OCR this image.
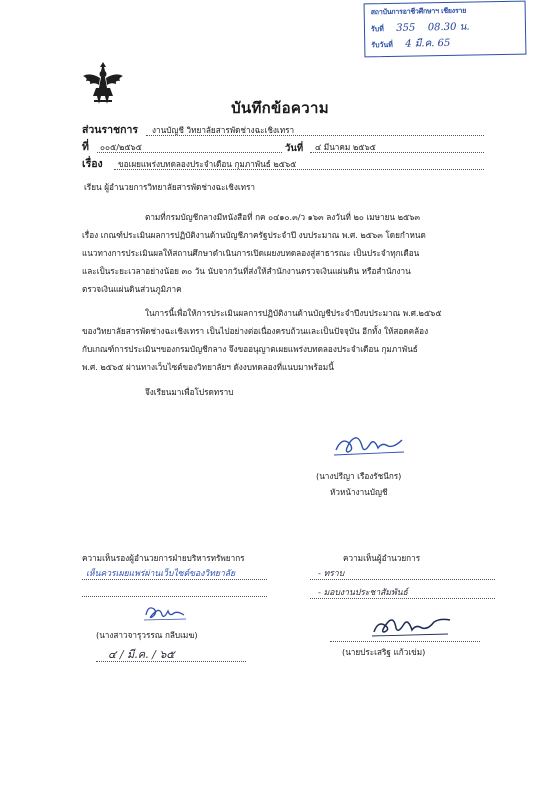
สถาบันการอาชีวศึกษาฯ เชียงราย
รับที่ 355 08.30 น.
รับวันที่ 4 มี.ค. 65
บันทึกข้อความ
ส่วนราชการ งานบัญชี วิทยาลัยสารพัดช่างฉะเชิงเทรา
ที่ ๐๐๕/๒๕๖๕	วันที่ ๔ มีนาคม ๒๕๖๕
เรื่อง ขอเผยแพร่งบทดลองประจำเดือน กุมภาพันธ์ ๒๕๖๕
เรียน ผู้อำนวยการวิทยาลัยสารพัดช่างฉะเชิงเทรา
ตามที่กรมบัญชีกลางมีหนังสือที่ กค ๐๔๑๐.๓/ว ๑๖๓ ลงวันที่ ๒๐ เมษายน ๒๕๖๓
เรื่อง เกณฑ์ประเมินผลการปฏิบัติงานด้านบัญชีภาครัฐประจำปี งบประมาณ พ.ศ. ๒๕๖๓ โดยกำหนด
แนวทางการประเมินผลให้สถานศึกษาดำเนินการเปิดเผยงบทดลองสู่สาธารณะ เป็นประจำทุกเดือน
และเป็นระยะเวลาอย่างน้อย ๓๐ วัน นับจากวันที่ส่งให้สำนักงานตรวจเงินแผ่นดิน หรือสำนักงาน
ตรวจเงินแผ่นดินส่วนภูมิภาค
ในการนี้เพื่อให้การประเมินผลการปฏิบัติงานด้านบัญชีประจำปีงบประมาณ พ.ศ.๒๕๖๕
ของวิทยาลัยสารพัดช่างฉะเชิงเทรา เป็นไปอย่างต่อเนื่องครบถ้วนและเป็นปัจจุบัน อีกทั้ง ให้สอดคล้อง
กับเกณฑ์การประเมินฯของกรมบัญชีกลาง จึงขออนุญาตเผยแพร่งบทดลองประจำเดือน กุมภาพันธ์
พ.ศ. ๒๕๖๕ ผ่านทางเว็บไซต์ของวิทยาลัยฯ ดังงบทดลองที่แนบมาพร้อมนี้
จึงเรียนมาเพื่อโปรดทราบ
(นางปรีญา เรืองรัชนีกร)
หัวหน้างานบัญชี
ความเห็นรองผู้อำนวยการฝ่ายบริหารทรัพยากร
เห็นควรเผยแพร่ผ่านเว็บไซต์ของวิทยาลัย
(นางสาวจารุวรรณ กลีบเมฆ)
๔ / มี.ค. / ๖๕
ความเห็นผู้อำนวยการ
- ทราบ
- มอบงานประชาสัมพันธ์
(นายประเสริฐ แก้วเข่ม)
